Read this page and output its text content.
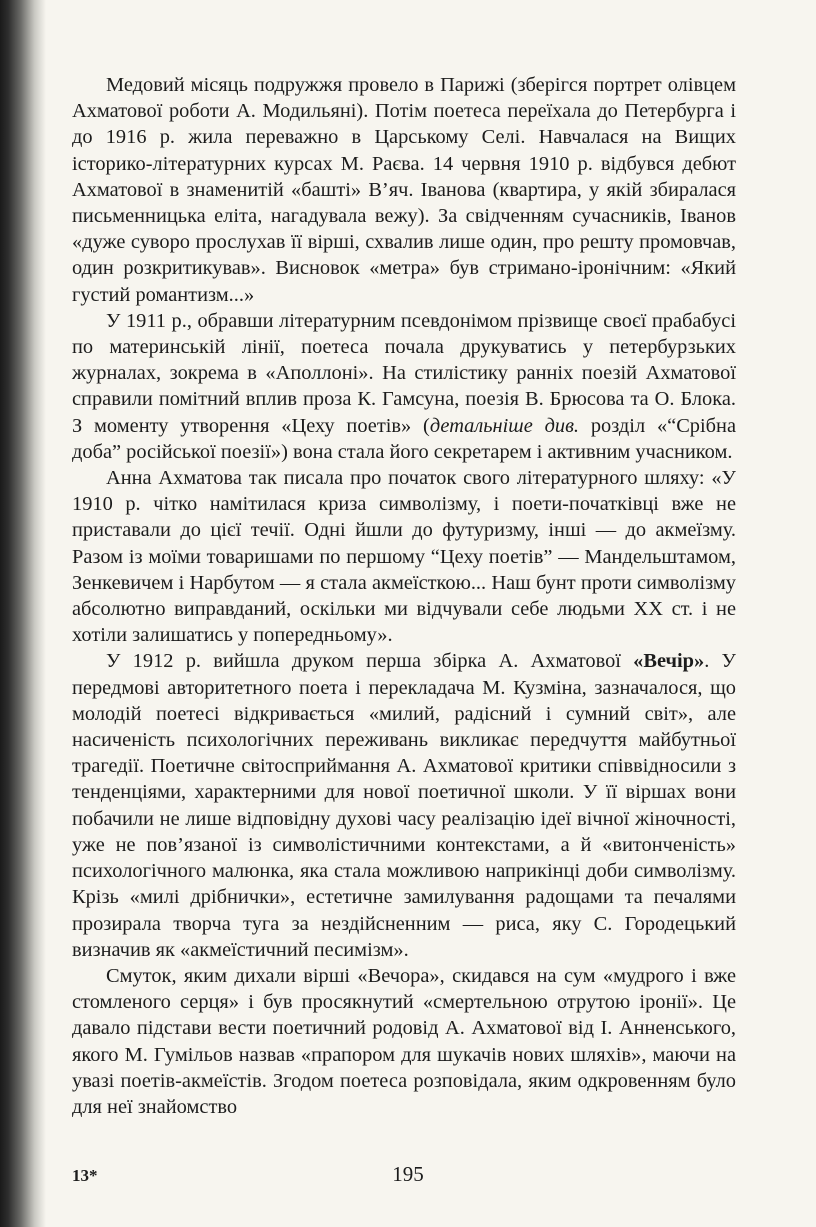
Медовий місяць подружжя провело в Парижі (зберігся портрет олівцем Ахматової роботи А. Модильяні). Потім поетеса переїхала до Петербурга і до 1916 р. жила переважно в Царському Селі. Навчалася на Вищих історико-літературних курсах М. Раєва. 14 червня 1910 р. відбувся дебют Ахматової в знаменитій «башті» В’яч. Іванова (квартира, у якій збиралася письменницька еліта, нагадувала вежу). За свідченням сучасників, Іванов «дуже суворо прослухав її вірші, схвалив лише один, про решту промовчав, один розкритикував». Висновок «метра» був стримано-іронічним: «Який густий романтизм...»

У 1911 р., обравши літературним псевдонімом прізвище своєї прабабусі по материнській лінії, поетеса почала друкуватись у петербурзьких журналах, зокрема в «Аполлоні». На стилістику ранніх поезій Ахматової справили помітний вплив проза К. Гамсуна, поезія В. Брюсова та О. Блока. З моменту утворення «Цеху поетів» (детальніше див. розділ «“Срібна доба” російської поезії») вона стала його секретарем і активним учасником.

Анна Ахматова так писала про початок свого літературного шляху: «У 1910 р. чітко намітилася криза символізму, і поети-початківці вже не приставали до цієї течії. Одні йшли до футуризму, інші — до акмеїзму. Разом із моїми товаришами по першому “Цеху поетів” — Мандельштамом, Зенкевичем і Нарбутом — я стала акмеїсткою... Наш бунт проти символізму абсолютно виправданий, оскільки ми відчували себе людьми XX ст. і не хотіли залишатись у попередньому».

У 1912 р. вийшла друком перша збірка А. Ахматової «Вечір». У передмові авторитетного поета і перекладача М. Кузміна, зазначалося, що молодій поетесі відкривається «милий, радісний і сумний світ», але насиченість психологічних переживань викликає передчуття майбутньої трагедії. Поетичне світосприймання А. Ахматової критики співвідносили з тенденціями, характерними для нової поетичної школи. У її віршах вони побачили не лише відповідну духові часу реалізацію ідеї вічної жіночності, уже не пов’язаної із символістичними контекстами, а й «витонченість» психологічного малюнка, яка стала можливою наприкінці доби символізму. Крізь «милі дрібнички», естетичне замилування радощами та печалями прозирала творча туга за нездійсненним — риса, яку С. Городецький визначив як «акмеїстичний песимізм».

Смуток, яким дихали вірші «Вечора», скидався на сум «мудрого і вже стомленого серця» і був просякнутий «смертельною отрутою іронії». Це давало підстави вести поетичний родовід А. Ахматової від І. Анненського, якого М. Гумільов назвав «прапором для шукачів нових шляхів», маючи на увазі поетів-акмеїстів. Згодом поетеса розповідала, яким одкровенням було для неї знайомство

13*	195
